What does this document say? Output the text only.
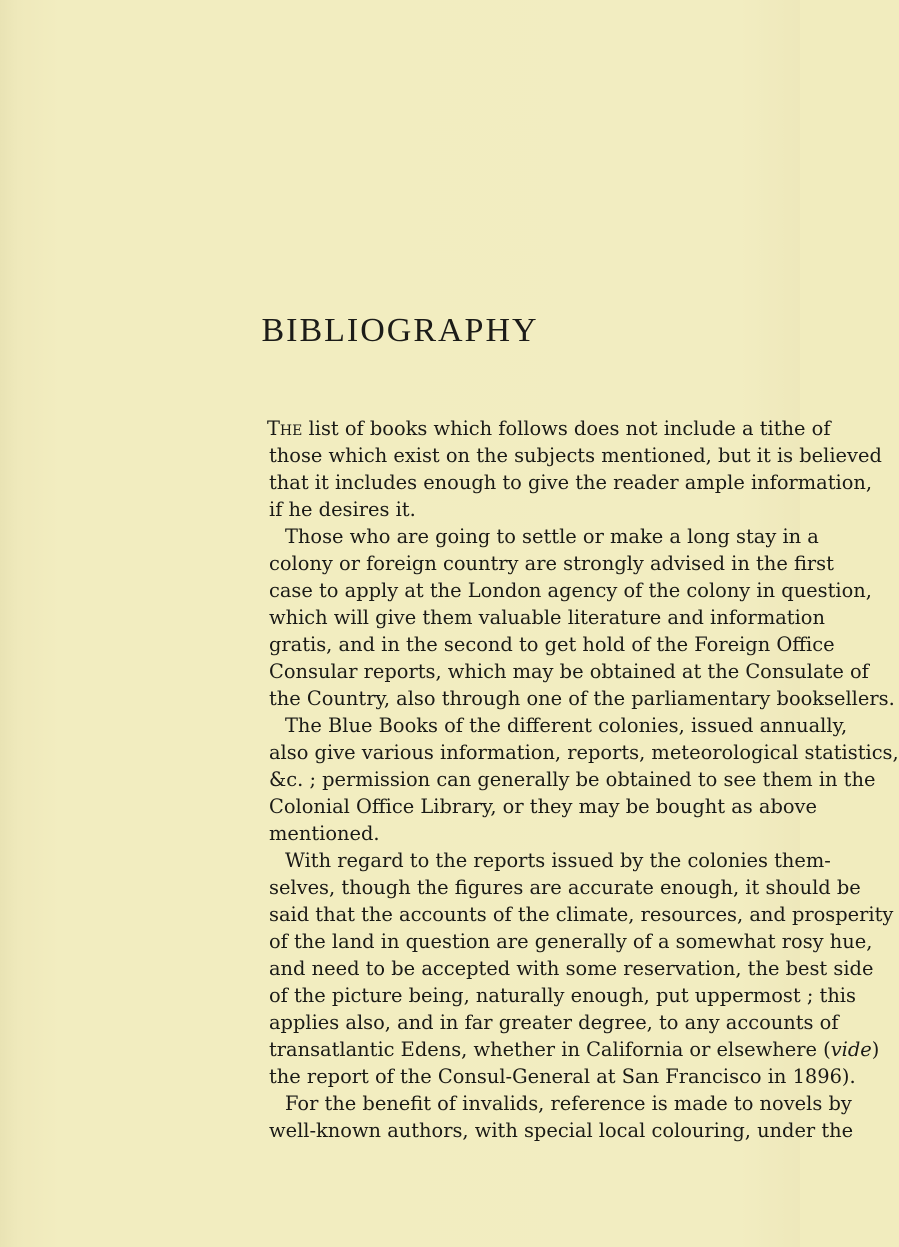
BIBLIOGRAPHY
The list of books which follows does not include a tithe of
those which exist on the subjects mentioned, but it is believed
that it includes enough to give the reader ample information,
if he desires it.
Those who are going to settle or make a long stay in a
colony or foreign country are strongly advised in the first
case to apply at the London agency of the colony in question,
which will give them valuable literature and information
gratis, and in the second to get hold of the Foreign Office
Consular reports, which may be obtained at the Consulate of
the Country, also through one of the parliamentary booksellers.
The Blue Books of the different colonies, issued annually,
also give various information, reports, meteorological statistics,
&c. ; permission can generally be obtained to see them in the
Colonial Office Library, or they may be bought as above
mentioned.
With regard to the reports issued by the colonies them-
selves, though the figures are accurate enough, it should be
said that the accounts of the climate, resources, and prosperity
of the land in question are generally of a somewhat rosy hue,
and need to be accepted with some reservation, the best side
of the picture being, naturally enough, put uppermost ; this
applies also, and in far greater degree, to any accounts of
transatlantic Edens, whether in California or elsewhere (vide)
the report of the Consul-General at San Francisco in 1896).
For the benefit of invalids, reference is made to novels by
well-known authors, with special local colouring, under the
